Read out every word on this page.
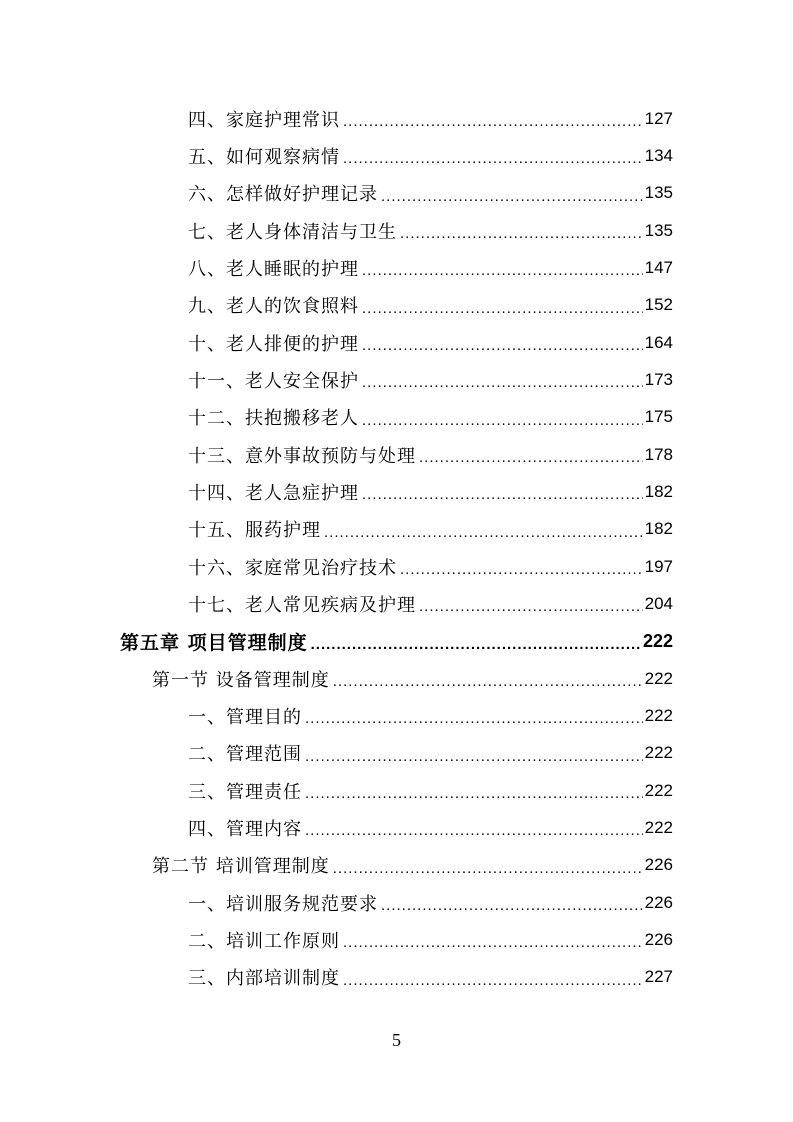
四、家庭护理常识 .....	127
五、如何观察病情 .....	134
六、怎样做好护理记录 .....	135
七、老人身体清洁与卫生 .....	135
八、老人睡眠的护理 .....	147
九、老人的饮食照料 .....	152
十、老人排便的护理 .....	164
十一、老人安全保护 .....	173
十二、扶抱搬移老人 .....	175
十三、意外事故预防与处理 .....	178
十四、老人急症护理 .....	182
十五、服药护理 .....	182
十六、家庭常见治疗技术 .....	197
十七、老人常见疾病及护理 .....	204
第五章 项目管理制度 .....	222
第一节 设备管理制度 .....	222
一、管理目的 .....	222
二、管理范围 .....	222
三、管理责任 .....	222
四、管理内容 .....	222
第二节 培训管理制度 .....	226
一、培训服务规范要求 .....	226
二、培训工作原则 .....	226
三、内部培训制度 .....	227
5
